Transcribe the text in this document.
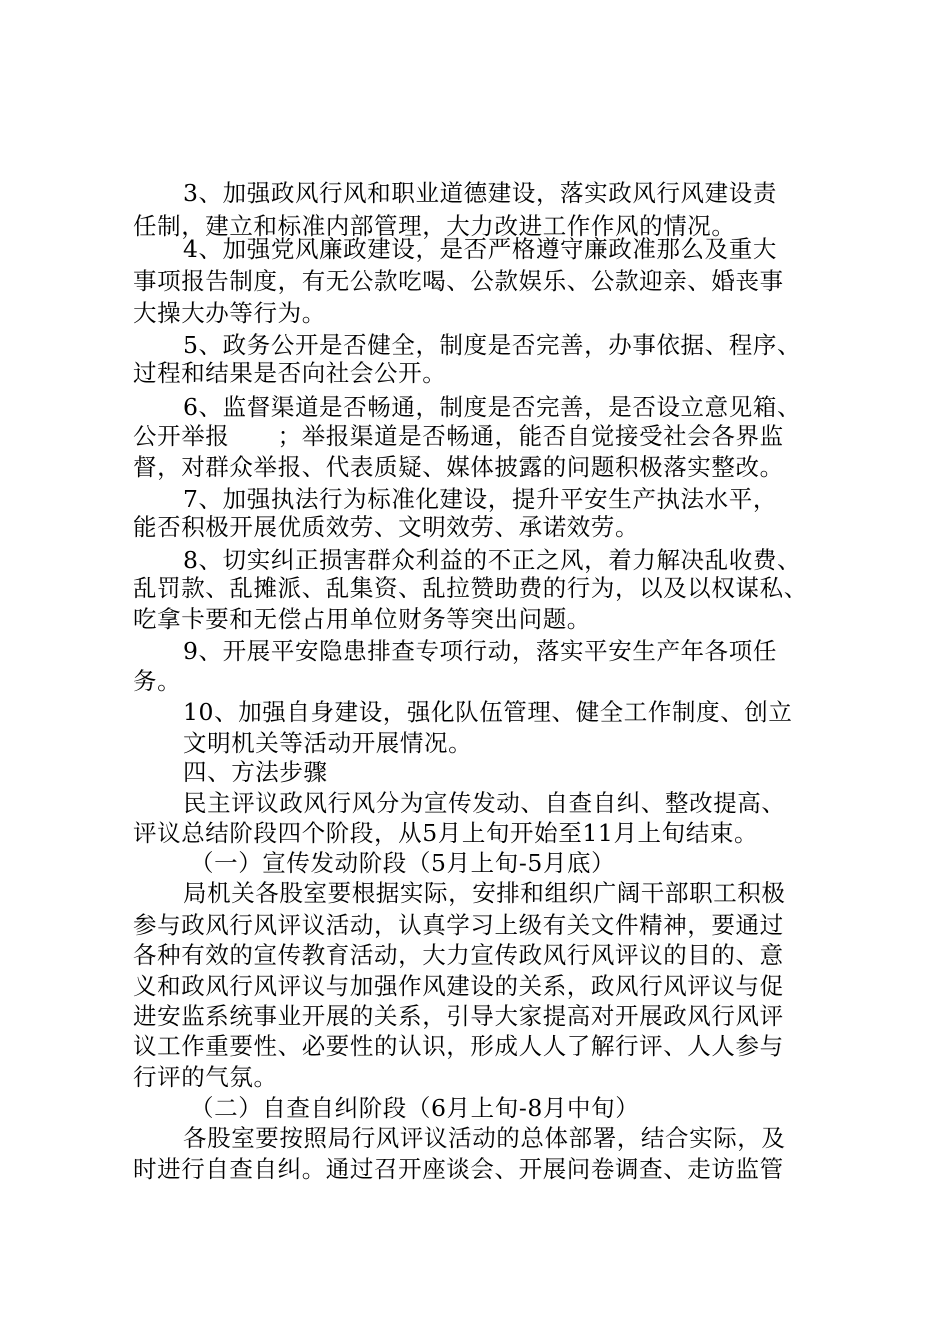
3、加强政风行风和职业道德建设，落实政风行风建设责
任制，建立和标准内部管理，大力改进工作作风的情况。
4、加强党风廉政建设，是否严格遵守廉政准那么及重大
事项报告制度，有无公款吃喝、公款娱乐、公款迎亲、婚丧事
大操大办等行为。
5、政务公开是否健全，制度是否完善，办事依据、程序、
过程和结果是否向社会公开。
6、监督渠道是否畅通，制度是否完善，是否设立意见箱、
公开举报　　；举报渠道是否畅通，能否自觉接受社会各界监
督，对群众举报、代表质疑、媒体披露的问题积极落实整改。
7、加强执法行为标准化建设，提升平安生产执法水平，
能否积极开展优质效劳、文明效劳、承诺效劳。
8、切实纠正损害群众利益的不正之风，着力解决乱收费、
乱罚款、乱摊派、乱集资、乱拉赞助费的行为，以及以权谋私、
吃拿卡要和无偿占用单位财务等突出问题。
9、开展平安隐患排查专项行动，落实平安生产年各项任
务。
10、加强自身建设，强化队伍管理、健全工作制度、创立
文明机关等活动开展情况。
四、方法步骤
民主评议政风行风分为宣传发动、自查自纠、整改提高、
评议总结阶段四个阶段，从5月上旬开始至11月上旬结束。
（一）宣传发动阶段（5月上旬-5月底）
局机关各股室要根据实际，安排和组织广阔干部职工积极
参与政风行风评议活动，认真学习上级有关文件精神，要通过
各种有效的宣传教育活动，大力宣传政风行风评议的目的、意
义和政风行风评议与加强作风建设的关系，政风行风评议与促
进安监系统事业开展的关系，引导大家提高对开展政风行风评
议工作重要性、必要性的认识，形成人人了解行评、人人参与
行评的气氛。
（二）自查自纠阶段（6月上旬-8月中旬）
各股室要按照局行风评议活动的总体部署，结合实际，及
时进行自查自纠。通过召开座谈会、开展问卷调查、走访监管
